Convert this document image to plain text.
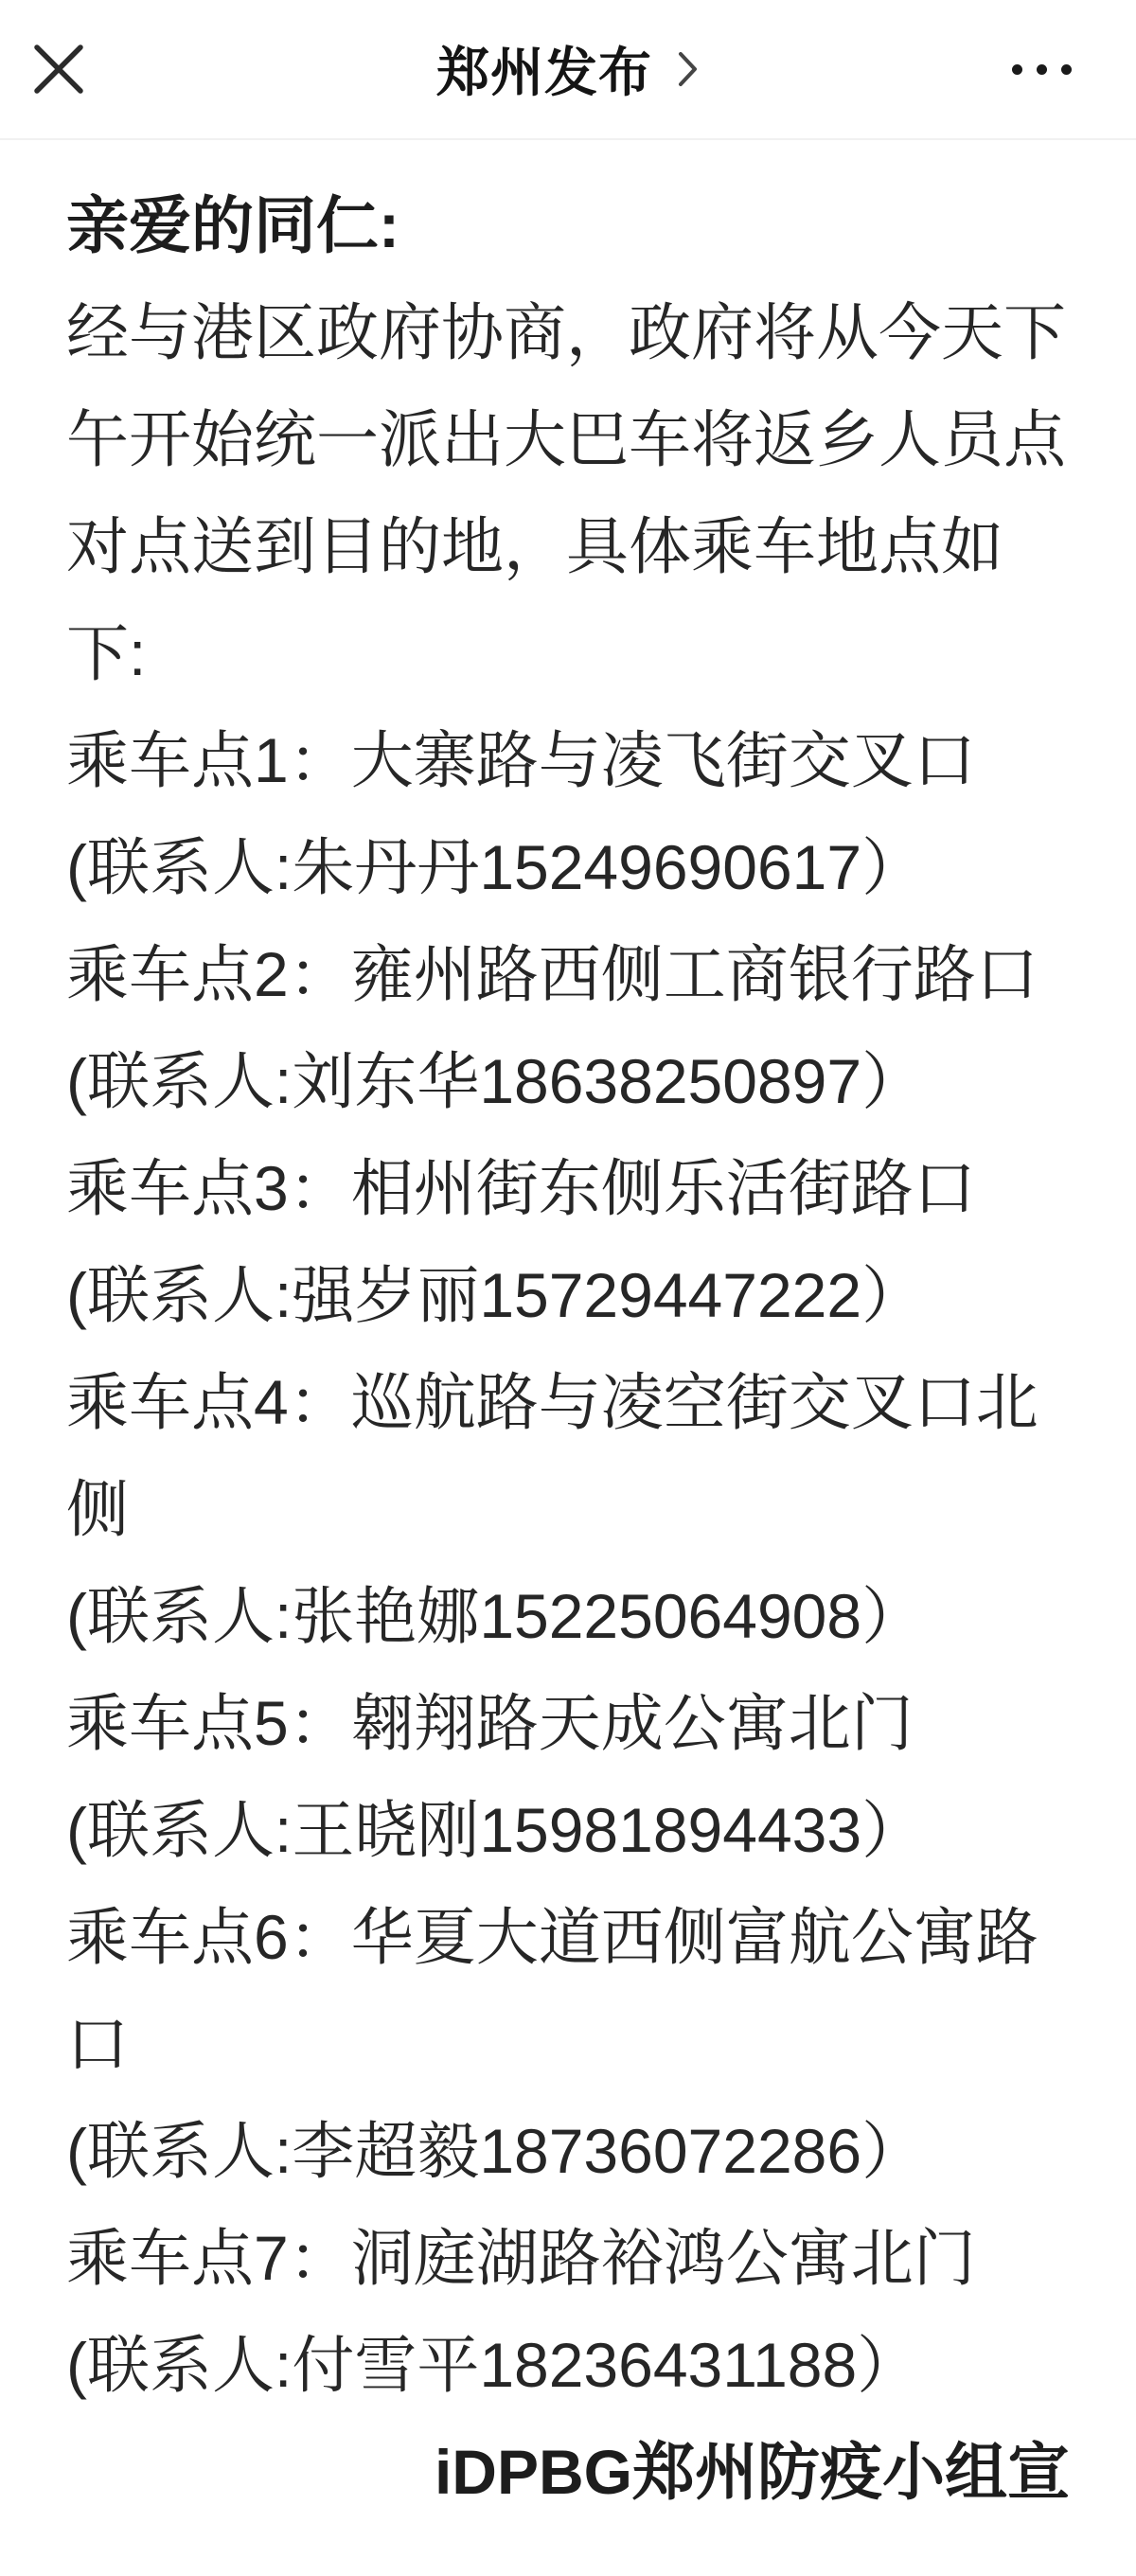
郑州发布
亲爱的同仁:
经与港区政府协商，政府将从今天下
午开始统一派出大巴车将返乡人员点
对点送到目的地，具体乘车地点如
下:
乘车点1：大寨路与凌飞街交叉口
(联系人:朱丹丹15249690617）
乘车点2：雍州路西侧工商银行路口
(联系人:刘东华18638250897）
乘车点3：相州街东侧乐活街路口
(联系人:强岁丽15729447222）
乘车点4：巡航路与凌空街交叉口北
侧
(联系人:张艳娜15225064908）
乘车点5：翱翔路天成公寓北门
(联系人:王晓刚15981894433）
乘车点6：华夏大道西侧富航公寓路
口
(联系人:李超毅18736072286）
乘车点7：洞庭湖路裕鸿公寓北门
(联系人:付雪平18236431188）
iDPBG郑州防疫小组宣
